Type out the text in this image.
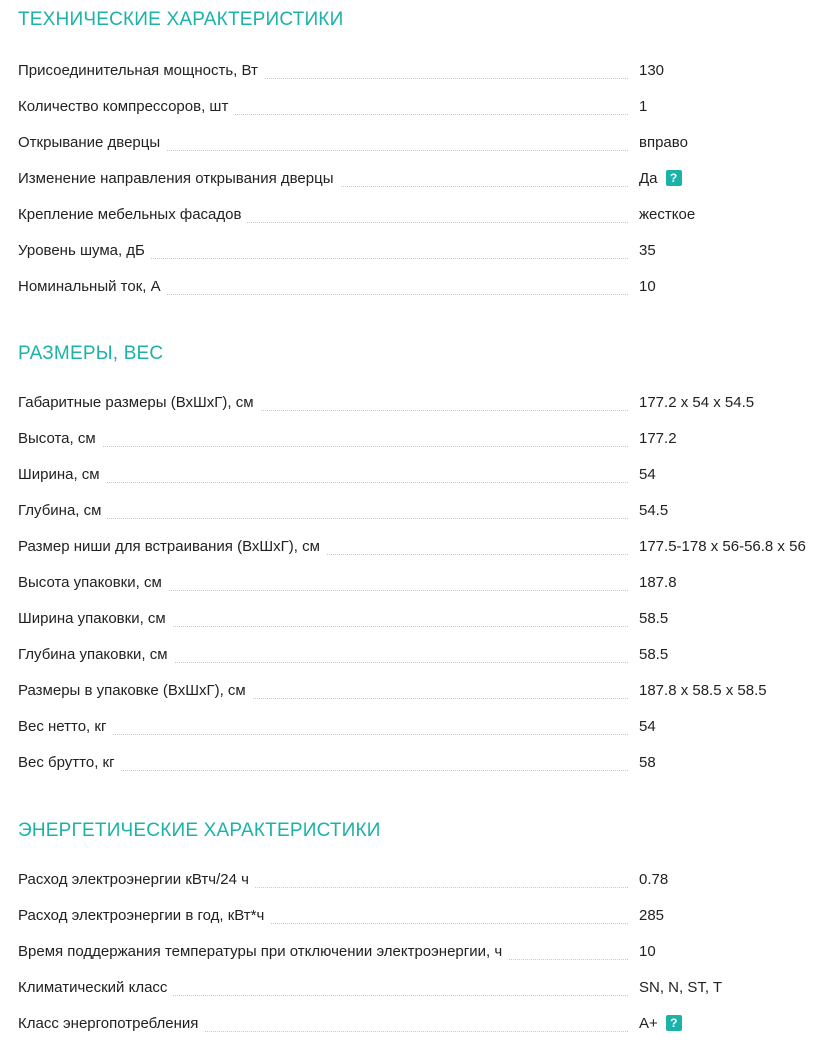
ТЕХНИЧЕСКИЕ ХАРАКТЕРИСТИКИ
Присоединительная мощность, Вт	130
Количество компрессоров, шт	1
Открывание дверцы	вправо
Изменение направления открывания дверцы	Да	?
Крепление мебельных фасадов	жесткое
Уровень шума, дБ	35
Номинальный ток, А	10
РАЗМЕРЫ, ВЕС
Габаритные размеры (ВхШхГ), см	177.2 x 54 x 54.5
Высота, см	177.2
Ширина, см	54
Глубина, см	54.5
Размер ниши для встраивания (ВхШхГ), см	177.5-178 x 56-56.8 x 56
Высота упаковки, см	187.8
Ширина упаковки, см	58.5
Глубина упаковки, см	58.5
Размеры в упаковке (ВхШхГ), см	187.8 x 58.5 x 58.5
Вес нетто, кг	54
Вес брутто, кг	58
ЭНЕРГЕТИЧЕСКИЕ ХАРАКТЕРИСТИКИ
Расход электроэнергии кВтч/24 ч	0.78
Расход электроэнергии в год, кВт*ч	285
Время поддержания температуры при отключении электроэнергии, ч	10
Климатический класс	SN, N, ST, T
Класс энергопотребления	A+	?
